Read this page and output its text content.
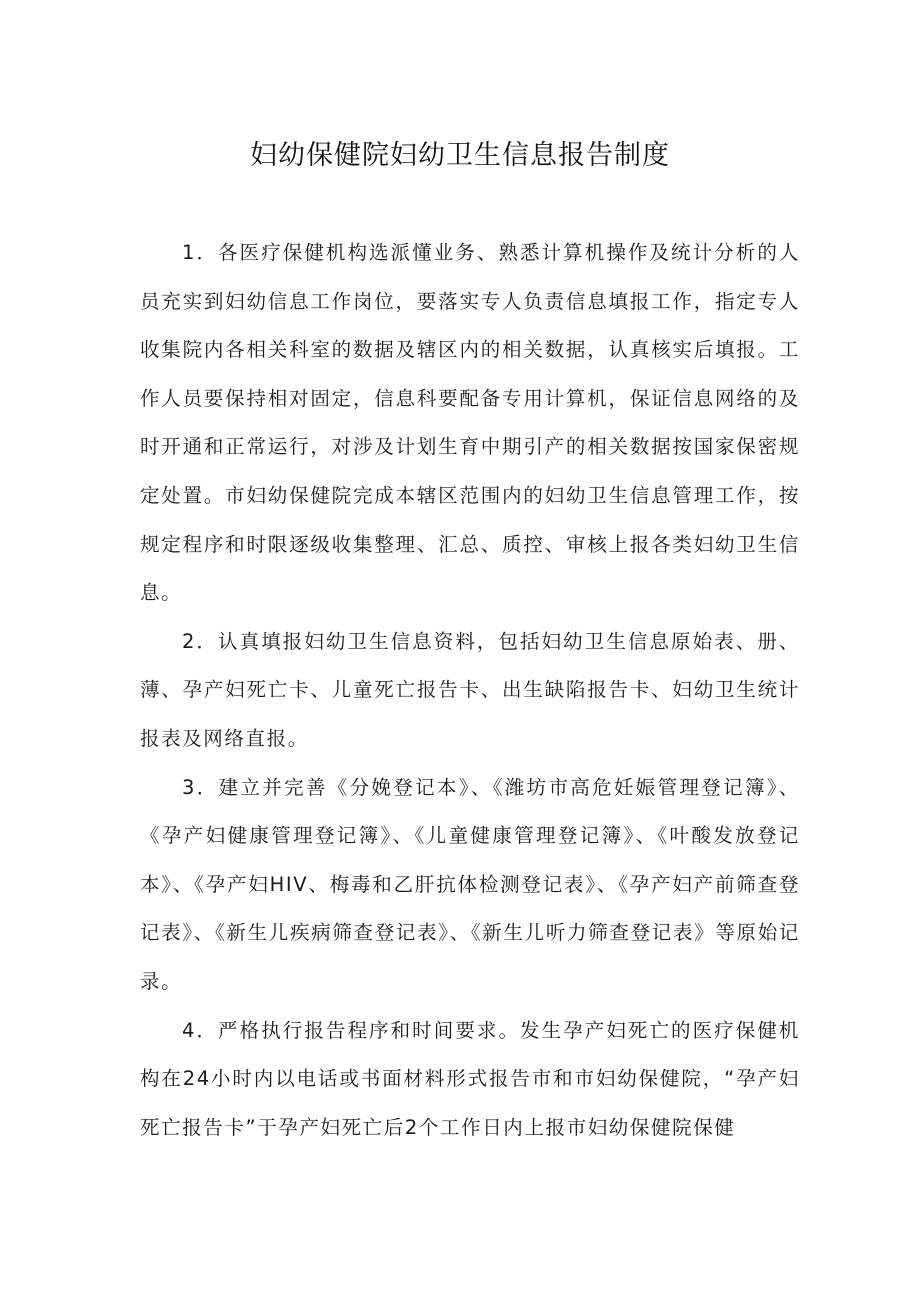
妇幼保健院妇幼卫生信息报告制度

1．各医疗保健机构选派懂业务、熟悉计算机操作及统计分析的人员充实到妇幼信息工作岗位，要落实专人负责信息填报工作，指定专人收集院内各相关科室的数据及辖区内的相关数据，认真核实后填报。工作人员要保持相对固定，信息科要配备专用计算机，保证信息网络的及时开通和正常运行，对涉及计划生育中期引产的相关数据按国家保密规定处置。市妇幼保健院完成本辖区范围内的妇幼卫生信息管理工作，按规定程序和时限逐级收集整理、汇总、质控、审核上报各类妇幼卫生信息。

2．认真填报妇幼卫生信息资料，包括妇幼卫生信息原始表、册、薄、孕产妇死亡卡、儿童死亡报告卡、出生缺陷报告卡、妇幼卫生统计报表及网络直报。

3．建立并完善《分娩登记本》、《潍坊市高危妊娠管理登记簿》、《孕产妇健康管理登记簿》、《儿童健康管理登记簿》、《叶酸发放登记本》、《孕产妇HIV、梅毒和乙肝抗体检测登记表》、《孕产妇产前筛查登记表》、《新生儿疾病筛查登记表》、《新生儿听力筛查登记表》等原始记录。

4．严格执行报告程序和时间要求。发生孕产妇死亡的医疗保健机构在24小时内以电话或书面材料形式报告市和市妇幼保健院，“孕产妇死亡报告卡”于孕产妇死亡后2个工作日内上报市妇幼保健院保健
